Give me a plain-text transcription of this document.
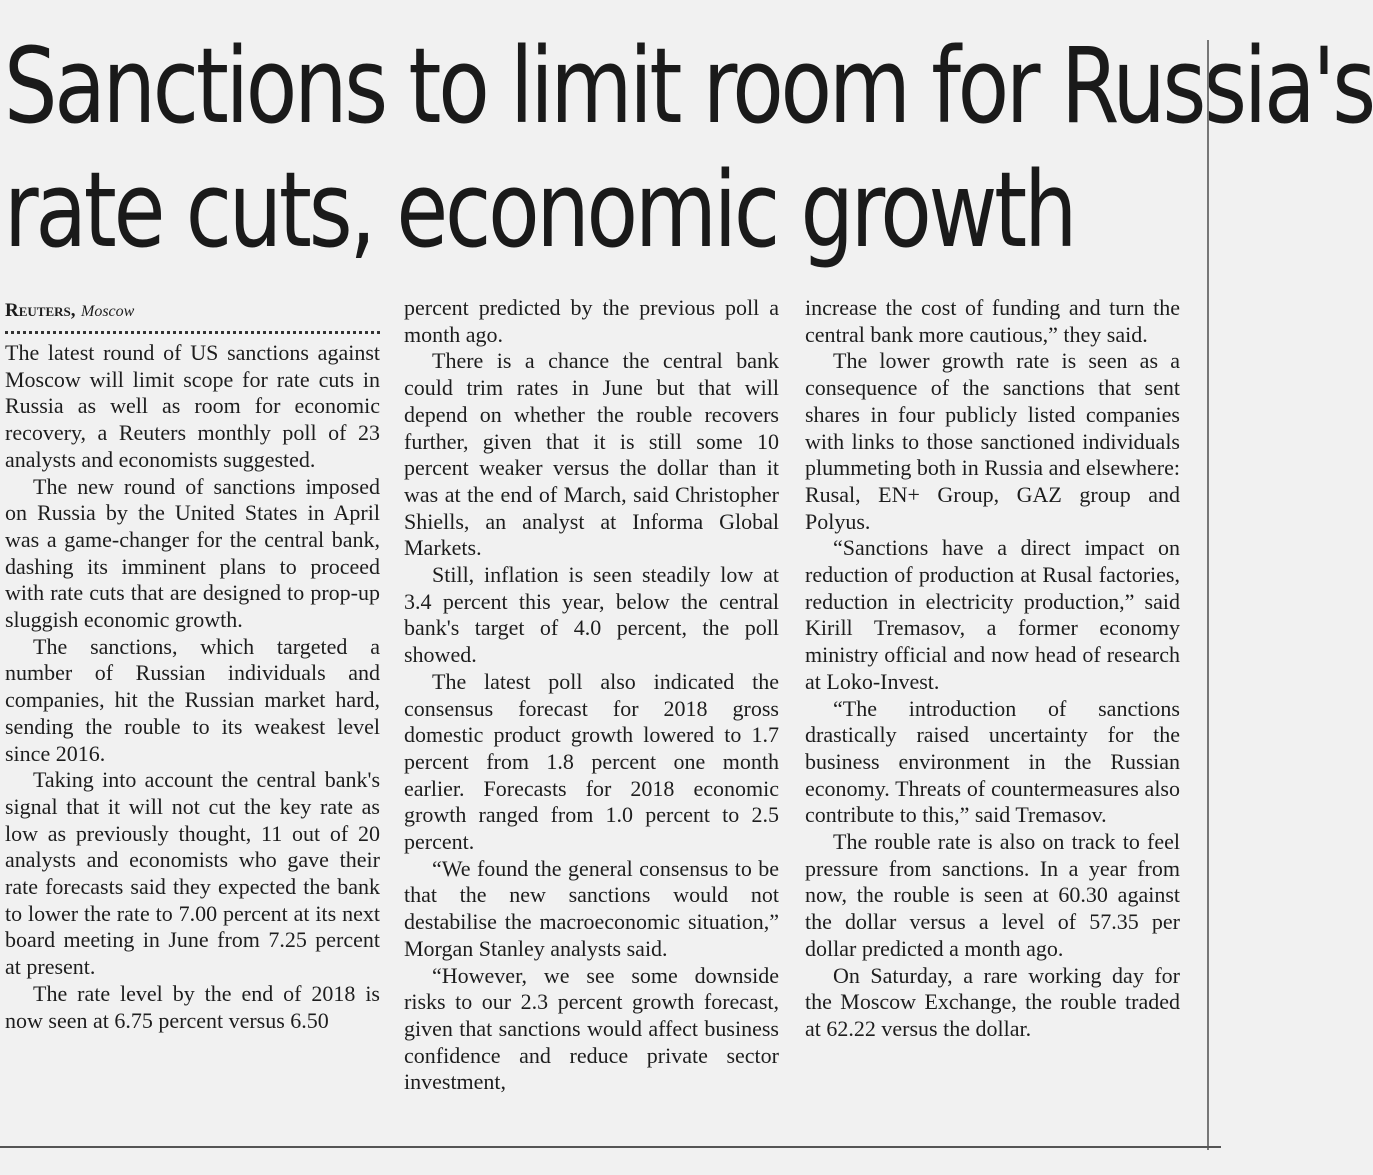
Sanctions to limit room for Russia's
rate cuts, economic growth
Reuters, Moscow

The latest round of US sanctions against Moscow will limit scope for rate cuts in Russia as well as room for economic recovery, a Reuters monthly poll of 23 analysts and economists suggested.

The new round of sanctions imposed on Russia by the United States in April was a game-changer for the central bank, dashing its imminent plans to proceed with rate cuts that are designed to prop-up sluggish economic growth.

The sanctions, which targeted a number of Russian individuals and companies, hit the Russian market hard, sending the rouble to its weakest level since 2016.

Taking into account the central bank's signal that it will not cut the key rate as low as previously thought, 11 out of 20 analysts and economists who gave their rate forecasts said they expected the bank to lower the rate to 7.00 percent at its next board meeting in June from 7.25 percent at present.

The rate level by the end of 2018 is now seen at 6.75 percent versus 6.50

percent predicted by the previous poll a month ago.

There is a chance the central bank could trim rates in June but that will depend on whether the rouble recovers further, given that it is still some 10 percent weaker versus the dollar than it was at the end of March, said Christopher Shiells, an analyst at Informa Global Markets.

Still, inflation is seen steadily low at 3.4 percent this year, below the central bank's target of 4.0 percent, the poll showed.

The latest poll also indicated the consensus forecast for 2018 gross domestic product growth lowered to 1.7 percent from 1.8 percent one month earlier. Forecasts for 2018 economic growth ranged from 1.0 percent to 2.5 percent.

“We found the general consensus to be that the new sanctions would not destabilise the macroeconomic situation,” Morgan Stanley analysts said.

“However, we see some downside risks to our 2.3 percent growth forecast, given that sanctions would affect business confidence and reduce private sector investment,

increase the cost of funding and turn the central bank more cautious,” they said.

The lower growth rate is seen as a consequence of the sanctions that sent shares in four publicly listed companies with links to those sanctioned individuals plummeting both in Russia and elsewhere: Rusal, EN+ Group, GAZ group and Polyus.

“Sanctions have a direct impact on reduction of production at Rusal factories, reduction in electricity production,” said Kirill Tremasov, a former economy ministry official and now head of research at Loko-Invest.

“The introduction of sanctions drastically raised uncertainty for the business environment in the Russian economy. Threats of countermeasures also contribute to this,” said Tremasov.

The rouble rate is also on track to feel pressure from sanctions. In a year from now, the rouble is seen at 60.30 against the dollar versus a level of 57.35 per dollar predicted a month ago.

On Saturday, a rare working day for the Moscow Exchange, the rouble traded at 62.22 versus the dollar.
